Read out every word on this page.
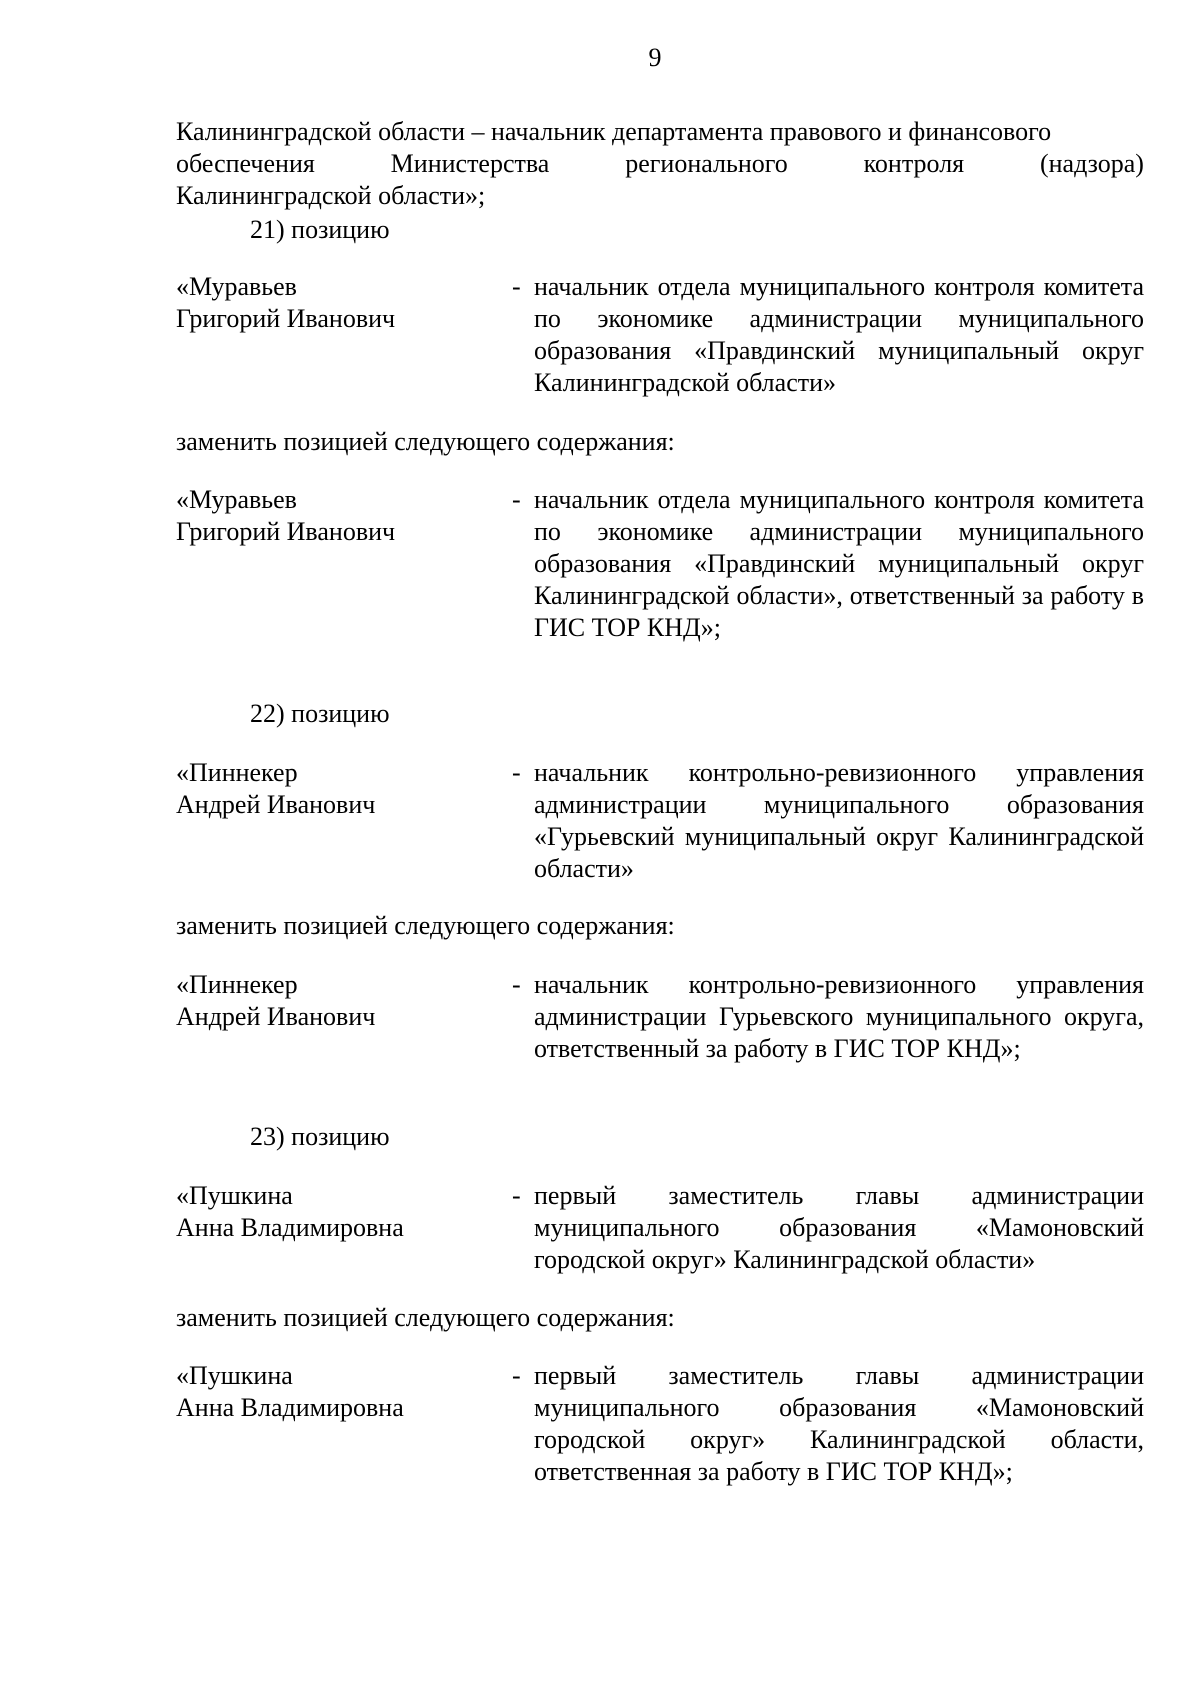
9
Калининградской области – начальник департамента правового и финансового
обеспечения	Министерства	регионального	контроля	(надзора)
Калининградской области»;
21) позицию
«Муравьев
Григорий Иванович
- начальник отдела муниципального контроля комитета по экономике администрации муниципального образования «Правдинский муниципальный округ Калининградской области»
заменить позицией следующего содержания:
«Муравьев
Григорий Иванович
- начальник отдела муниципального контроля комитета по экономике администрации муниципального образования «Правдинский муниципальный округ Калининградской области», ответственный за работу в ГИС ТОР КНД»;
22) позицию
«Пиннекер
Андрей Иванович
- начальник контрольно-ревизионного управления администрации муниципального образования «Гурьевский муниципальный округ Калининградской области»
заменить позицией следующего содержания:
«Пиннекер
Андрей Иванович
- начальник контрольно-ревизионного управления администрации Гурьевского муниципального округа, ответственный за работу в ГИС ТОР КНД»;
23) позицию
«Пушкина
Анна Владимировна
- первый заместитель главы администрации муниципального образования «Мамоновский городской округ» Калининградской области»
заменить позицией следующего содержания:
«Пушкина
Анна Владимировна
- первый заместитель главы администрации муниципального образования «Мамоновский городской округ» Калининградской области, ответственная за работу в ГИС ТОР КНД»;
